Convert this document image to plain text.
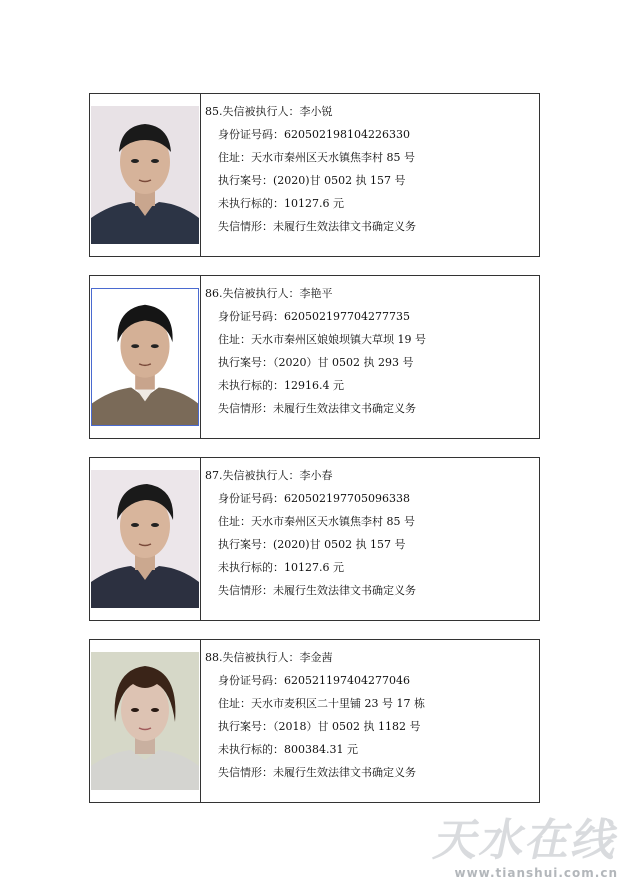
85.失信被执行人：李小锐
身份证号码：620502198104226330
住址：天水市秦州区天水镇焦李村 85 号
执行案号：(2020)甘 0502 执 157 号
未执行标的：10127.6 元
失信情形：未履行生效法律文书确定义务
86.失信被执行人：李艳平
身份证号码：620502197704277735
住址：天水市秦州区娘娘坝镇大草坝 19 号
执行案号：（2020）甘 0502 执 293 号
未执行标的：12916.4 元
失信情形：未履行生效法律文书确定义务
87.失信被执行人：李小春
身份证号码：620502197705096338
住址：天水市秦州区天水镇焦李村 85 号
执行案号：(2020)甘 0502 执 157 号
未执行标的：10127.6 元
失信情形：未履行生效法律文书确定义务
88.失信被执行人：李金茜
身份证号码：620521197404277046
住址：天水市麦积区二十里铺 23 号 17 栋
执行案号：（2018）甘 0502 执 1182 号
未执行标的：800384.31 元
失信情形：未履行生效法律文书确定义务
天水在线
www.tianshui.com.cn
